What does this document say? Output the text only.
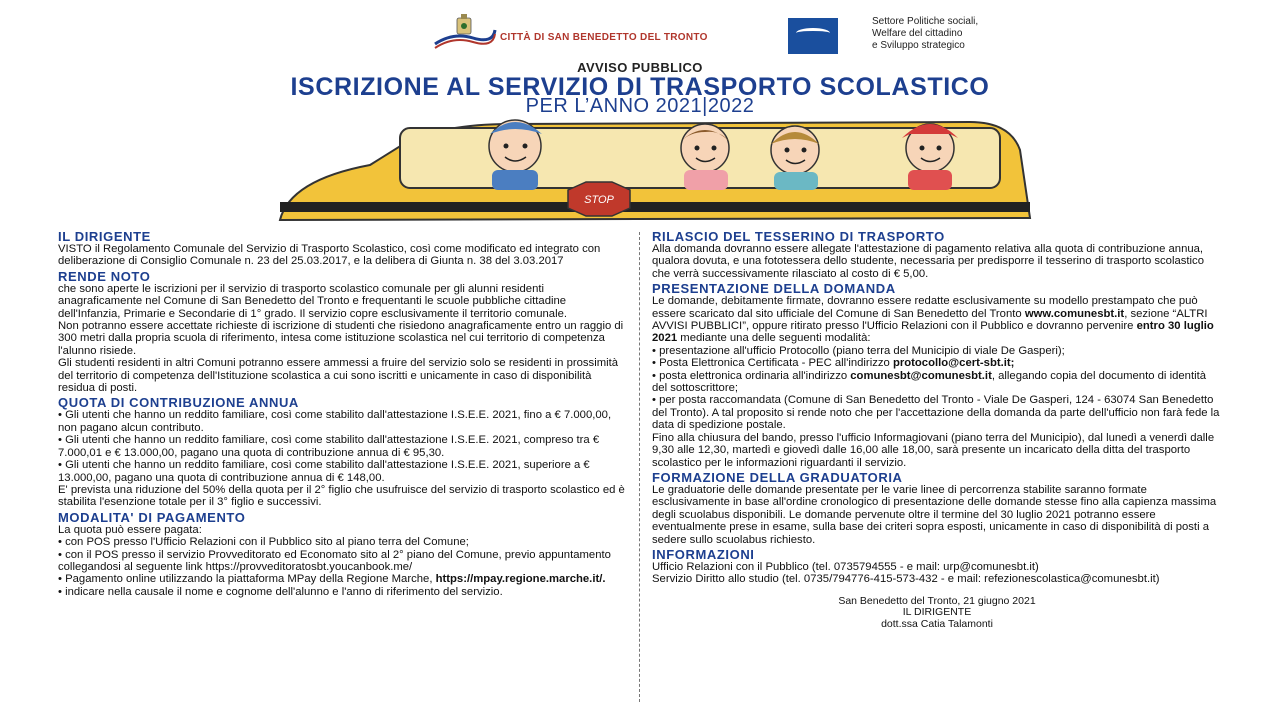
CITTÀ DI SAN BENEDETTO DEL TRONTO
Settore Politiche sociali,
Welfare del cittadino
e Sviluppo strategico
AVVISO PUBBLICO
ISCRIZIONE AL SERVIZIO DI TRASPORTO SCOLASTICO
PER L’ANNO 2021|2022
STOP
IL DIRIGENTE
VISTO il Regolamento Comunale del Servizio di Trasporto Scolastico, così come modificato ed integrato con deliberazione di Consiglio Comunale n. 23 del 25.03.2017, e la delibera di Giunta n. 38 del 3.03.2017
RENDE NOTO
che sono aperte le iscrizioni per il servizio di trasporto scolastico comunale per gli alunni residenti anagraficamente nel Comune di San Benedetto del Tronto e frequentanti le scuole pubbliche cittadine dell'Infanzia, Primarie e Secondarie di 1° grado. Il servizio copre esclusivamente il territorio comunale.
Non potranno essere accettate richieste di iscrizione di studenti che risiedono anagraficamente entro un raggio di 300 metri dalla propria scuola di riferimento, intesa come istituzione scolastica nel cui territorio di competenza l'alunno risiede.
Gli studenti residenti in altri Comuni potranno essere ammessi a fruire del servizio solo se residenti in prossimità del territorio di competenza dell'Istituzione scolastica a cui sono iscritti e unicamente in caso di disponibilità residua di posti.
QUOTA DI CONTRIBUZIONE ANNUA
• Gli utenti che hanno un reddito familiare, così come stabilito dall'attestazione I.S.E.E. 2021, fino a € 7.000,00, non pagano alcun contributo.
• Gli utenti che hanno un reddito familiare, così come stabilito dall'attestazione I.S.E.E. 2021, compreso tra € 7.000,01 e € 13.000,00, pagano una quota di contribuzione annua di € 95,30.
• Gli utenti che hanno un reddito familiare, così come stabilito dall'attestazione I.S.E.E. 2021, superiore a € 13.000,00, pagano una quota di contribuzione annua di € 148,00.
E' prevista una riduzione del 50% della quota per il 2° figlio che usufruisce del servizio di trasporto scolastico ed è stabilita l'esenzione totale per il 3° figlio e successivi.
MODALITA' DI PAGAMENTO
La quota può essere pagata:
• con POS presso l'Ufficio Relazioni con il Pubblico sito al piano terra del Comune;
• con il POS presso il servizio Provveditorato ed Economato sito al 2° piano del Comune, previo appuntamento collegandosi al seguente link https://provveditoratosbt.youcanbook.me/
• Pagamento online utilizzando la piattaforma MPay della Regione Marche, https://mpay.regione.marche.it/.
• indicare nella causale il nome e cognome dell'alunno e l'anno di riferimento del servizio.
RILASCIO DEL TESSERINO DI TRASPORTO
Alla domanda dovranno essere allegate l'attestazione di pagamento relativa alla quota di contribuzione annua, qualora dovuta, e una fototessera dello studente, necessaria per predisporre il tesserino di trasporto scolastico che verrà successivamente rilasciato al costo di € 5,00.
PRESENTAZIONE DELLA DOMANDA
Le domande, debitamente firmate, dovranno essere redatte esclusivamente su modello prestampato che può essere scaricato dal sito ufficiale del Comune di San Benedetto del Tronto www.comunesbt.it, sezione “ALTRI AVVISI PUBBLICI”, oppure ritirato presso l'Ufficio Relazioni con il Pubblico e dovranno pervenire entro 30 luglio 2021 mediante una delle seguenti modalità:
• presentazione all'ufficio Protocollo (piano terra del Municipio di viale De Gasperi);
• Posta Elettronica Certificata - PEC all'indirizzo protocollo@cert-sbt.it;
• posta elettronica ordinaria all'indirizzo comunesbt@comunesbt.it, allegando copia del documento di identità del sottoscrittore;
• per posta raccomandata (Comune di San Benedetto del Tronto - Viale De Gasperi, 124 - 63074 San Benedetto del Tronto). A tal proposito si rende noto che per l'accettazione della domanda da parte dell'ufficio non farà fede la data di spedizione postale.
Fino alla chiusura del bando, presso l'ufficio Informagiovani (piano terra del Municipio), dal lunedì a venerdì dalle 9,30 alle 12,30, martedì e giovedì dalle 16,00 alle 18,00, sarà presente un incaricato della ditta del trasporto scolastico per le informazioni riguardanti il servizio.
FORMAZIONE DELLA GRADUATORIA
Le graduatorie delle domande presentate per le varie linee di percorrenza stabilite saranno formate esclusivamente in base all'ordine cronologico di presentazione delle domande stesse fino alla capienza massima degli scuolabus disponibili. Le domande pervenute oltre il termine del 30 luglio 2021 potranno essere eventualmente prese in esame, sulla base dei criteri sopra esposti, unicamente in caso di disponibilità di posti a sedere sullo scuolabus richiesto.
INFORMAZIONI
Ufficio Relazioni con il Pubblico (tel. 0735794555 - e mail: urp@comunesbt.it)
Servizio Diritto allo studio (tel. 0735/794776-415-573-432 - e mail: refezionescolastica@comunesbt.it)
San Benedetto del Tronto, 21 giugno 2021
IL DIRIGENTE
dott.ssa Catia Talamonti
